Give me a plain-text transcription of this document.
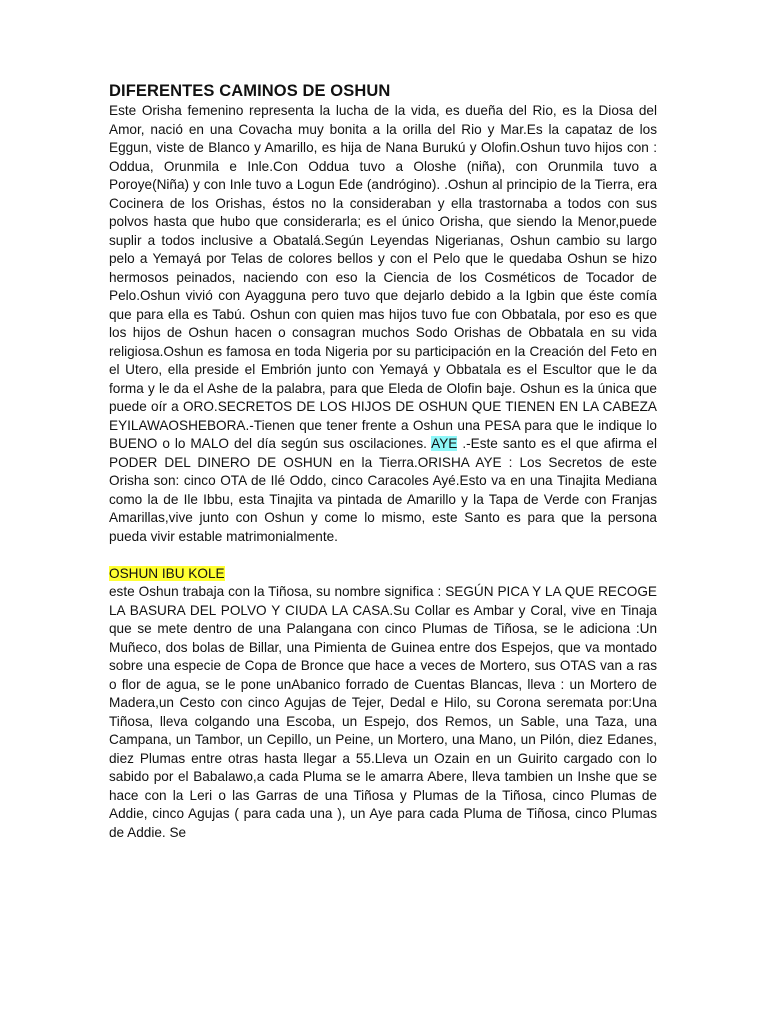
DIFERENTES CAMINOS DE OSHUN

Este Orisha femenino representa la lucha de la vida, es dueña del Rio, es la Diosa del Amor, nació en una Covacha muy bonita a la orilla del Rio y Mar.Es la capataz de los Eggun, viste de Blanco y Amarillo, es hija de Nana Burukú y Olofin.Oshun tuvo hijos con : Oddua, Orunmila e Inle.Con Oddua tuvo a Oloshe (niña), con Orunmila tuvo a Poroye(Niña) y con Inle tuvo a Logun Ede (andrógino). .Oshun al principio de la Tierra, era Cocinera de los Orishas, éstos no la consideraban y ella trastornaba a todos con sus polvos hasta que hubo que considerarla; es el único Orisha, que siendo la Menor,puede suplir a todos inclusive a Obatalá.Según Leyendas Nigerianas, Oshun cambio su largo pelo a Yemayá por Telas de colores bellos y con el Pelo que le quedaba Oshun se hizo hermosos peinados, naciendo con eso la Ciencia de los Cosméticos de Tocador de Pelo.Oshun vivió con Ayagguna pero tuvo que dejarlo debido a la Igbin que éste comía que para ella es Tabú. Oshun con quien mas hijos tuvo fue con Obbatala, por eso es que los hijos de Oshun hacen o consagran muchos Sodo Orishas de Obbatala en su vida religiosa.Oshun es famosa en toda Nigeria por su participación en la Creación del Feto en el Utero, ella preside el Embrión junto con Yemayá y Obbatala es el Escultor que le da forma y le da el Ashe de la palabra, para que Eleda de Olofin baje. Oshun es la única que puede oír a ORO.SECRETOS DE LOS HIJOS DE OSHUN QUE TIENEN EN LA CABEZA EYILAWAOSHEBORA.-Tienen que tener frente a Oshun una PESA para que le indique lo BUENO o lo MALO del día según sus oscilaciones. AYE .-Este santo es el que afirma el PODER DEL DINERO DE OSHUN en la Tierra.ORISHA AYE : Los Secretos de este Orisha son: cinco OTA de Ilé Oddo, cinco Caracoles Ayé.Esto va en una Tinajita Mediana como la de Ile Ibbu, esta Tinajita va pintada de Amarillo y la Tapa de Verde con Franjas Amarillas,vive junto con Oshun y come lo mismo, este Santo es para que la persona pueda vivir estable matrimonialmente.

OSHUN IBU KOLE

este Oshun trabaja con la Tiñosa, su nombre significa : SEGÚN PICA Y LA QUE RECOGE LA BASURA DEL POLVO Y CIUDA LA CASA.Su Collar es Ambar y Coral, vive en Tinaja que se mete dentro de una Palangana con cinco Plumas de Tiñosa, se le adiciona :Un Muñeco, dos bolas de Billar, una Pimienta de Guinea entre dos Espejos, que va montado sobre una especie de Copa de Bronce que hace a veces de Mortero, sus OTAS van a ras o flor de agua, se le pone unAbanico forrado de Cuentas Blancas, lleva : un Mortero de Madera,un Cesto con cinco Agujas de Tejer, Dedal e Hilo, su Corona seremata por:Una Tiñosa, lleva colgando una Escoba, un Espejo, dos Remos, un Sable, una Taza, una Campana, un Tambor, un Cepillo, un Peine, un Mortero, una Mano, un Pilón, diez Edanes, diez Plumas entre otras hasta llegar a 55.Lleva un Ozain en un Guirito cargado con lo sabido por el Babalawo,a cada Pluma se le amarra Abere, lleva tambien un Inshe que se hace con la Leri o las Garras de una Tiñosa y Plumas de la Tiñosa, cinco Plumas de Addie, cinco Agujas ( para cada una ), un Aye para cada Pluma de Tiñosa, cinco Plumas de Addie. Se
